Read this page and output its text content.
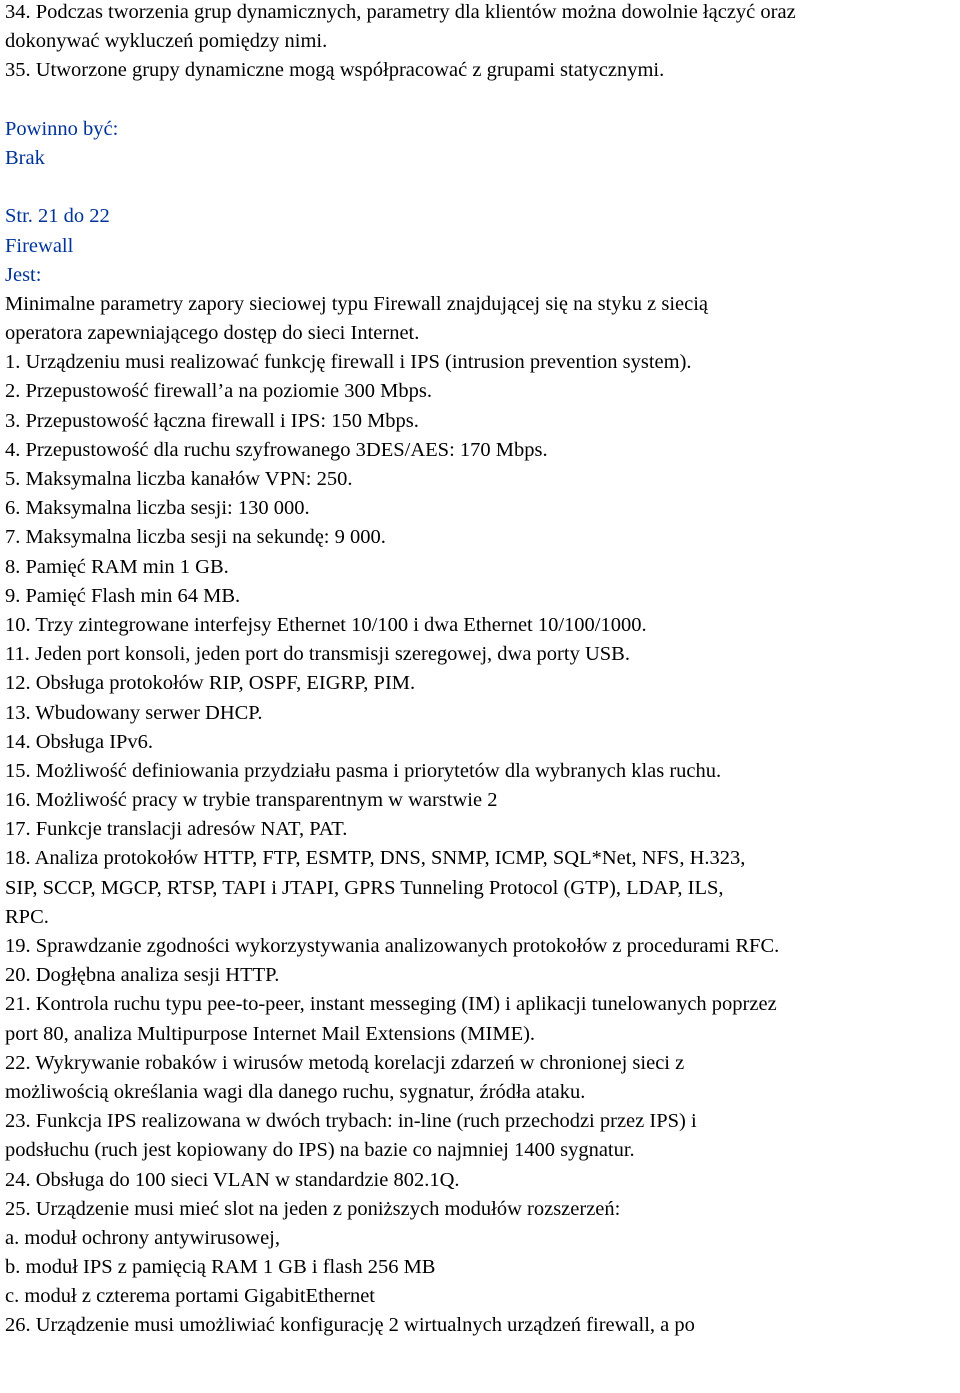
34. Podczas tworzenia grup dynamicznych, parametry dla klientów można dowolnie łączyć oraz
dokonywać wykluczeń pomiędzy nimi.
35. Utworzone grupy dynamiczne mogą współpracować z grupami statycznymi.
Powinno być:
Brak
Str. 21 do 22
Firewall
Jest:
Minimalne parametry zapory sieciowej typu Firewall znajdującej się na styku z siecią
operatora zapewniającego dostęp do sieci Internet.
1. Urządzeniu musi realizować funkcję firewall i IPS (intrusion prevention system).
2. Przepustowość firewall’a na poziomie 300 Mbps.
3. Przepustowość łączna firewall i IPS: 150 Mbps.
4. Przepustowość dla ruchu szyfrowanego 3DES/AES: 170 Mbps.
5. Maksymalna liczba kanałów VPN: 250.
6. Maksymalna liczba sesji: 130 000.
7. Maksymalna liczba sesji na sekundę: 9 000.
8. Pamięć RAM min 1 GB.
9. Pamięć Flash min 64 MB.
10. Trzy zintegrowane interfejsy Ethernet 10/100 i dwa Ethernet 10/100/1000.
11. Jeden port konsoli, jeden port do transmisji szeregowej, dwa porty USB.
12. Obsługa protokołów RIP, OSPF, EIGRP, PIM.
13. Wbudowany serwer DHCP.
14. Obsługa IPv6.
15. Możliwość definiowania przydziału pasma i priorytetów dla wybranych klas ruchu.
16. Możliwość pracy w trybie transparentnym w warstwie 2
17. Funkcje translacji adresów NAT, PAT.
18. Analiza protokołów HTTP, FTP, ESMTP, DNS, SNMP, ICMP, SQL*Net, NFS, H.323,
SIP, SCCP, MGCP, RTSP, TAPI i JTAPI, GPRS Tunneling Protocol (GTP), LDAP, ILS,
RPC.
19. Sprawdzanie zgodności wykorzystywania analizowanych protokołów z procedurami RFC.
20. Dogłębna analiza sesji HTTP.
21. Kontrola ruchu typu pee-to-peer, instant messeging (IM) i aplikacji tunelowanych poprzez
port 80, analiza Multipurpose Internet Mail Extensions (MIME).
22. Wykrywanie robaków i wirusów metodą korelacji zdarzeń w chronionej sieci z
możliwością określania wagi dla danego ruchu, sygnatur, źródła ataku.
23. Funkcja IPS realizowana w dwóch trybach: in-line (ruch przechodzi przez IPS) i
podsłuchu (ruch jest kopiowany do IPS) na bazie co najmniej 1400 sygnatur.
24. Obsługa do 100 sieci VLAN w standardzie 802.1Q.
25. Urządzenie musi mieć slot na jeden z poniższych modułów rozszerzeń:
a. moduł ochrony antywirusowej,
b. moduł IPS z pamięcią RAM 1 GB i flash 256 MB
c. moduł z czterema portami GigabitEthernet
26. Urządzenie musi umożliwiać konfigurację 2 wirtualnych urządzeń firewall, a po
